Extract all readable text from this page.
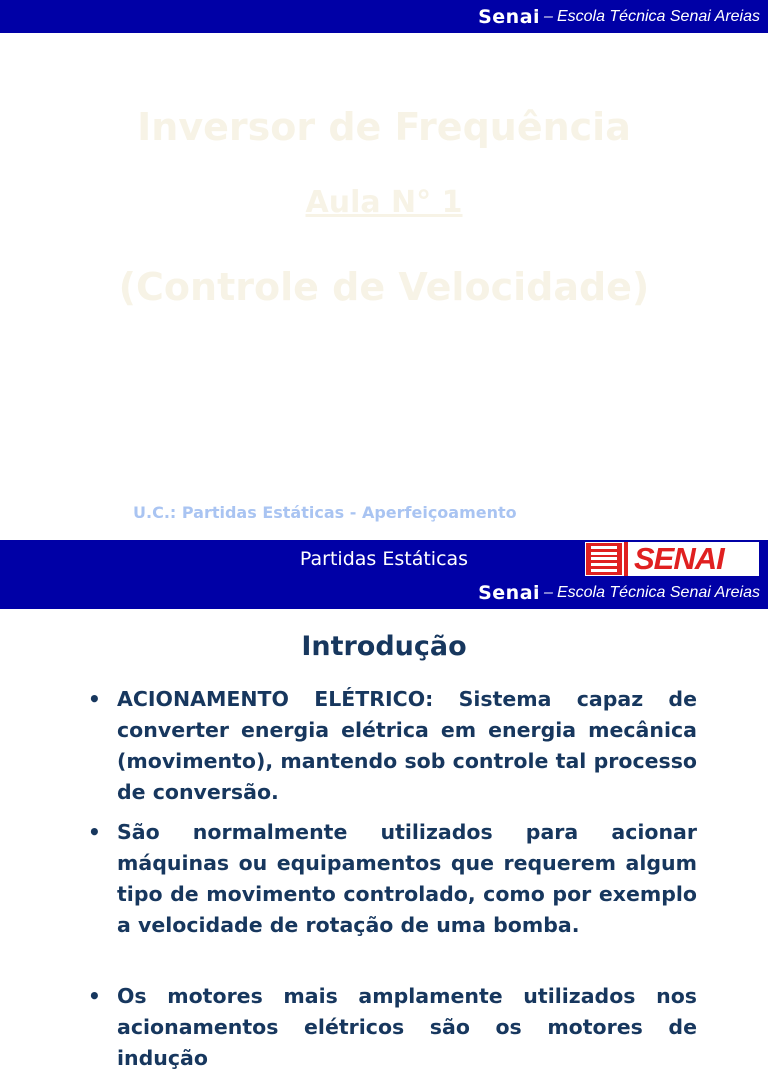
Senai – Escola Técnica Senai Areias
Inversor de Frequência
Aula N° 1
(Controle de Velocidade)
U.C.: Partidas Estáticas - Aperfeiçoamento
Partidas Estáticas	SENAI
Senai – Escola Técnica Senai Areias
Introdução
• ACIONAMENTO ELÉTRICO: Sistema capaz de converter energia elétrica em energia mecânica (movimento), mantendo sob controle tal processo de conversão.
• São normalmente utilizados para acionar máquinas ou equipamentos que requerem algum tipo de movimento controlado, como por exemplo a velocidade de rotação de uma bomba.
• Os motores mais amplamente utilizados nos acionamentos elétricos são os motores de indução
